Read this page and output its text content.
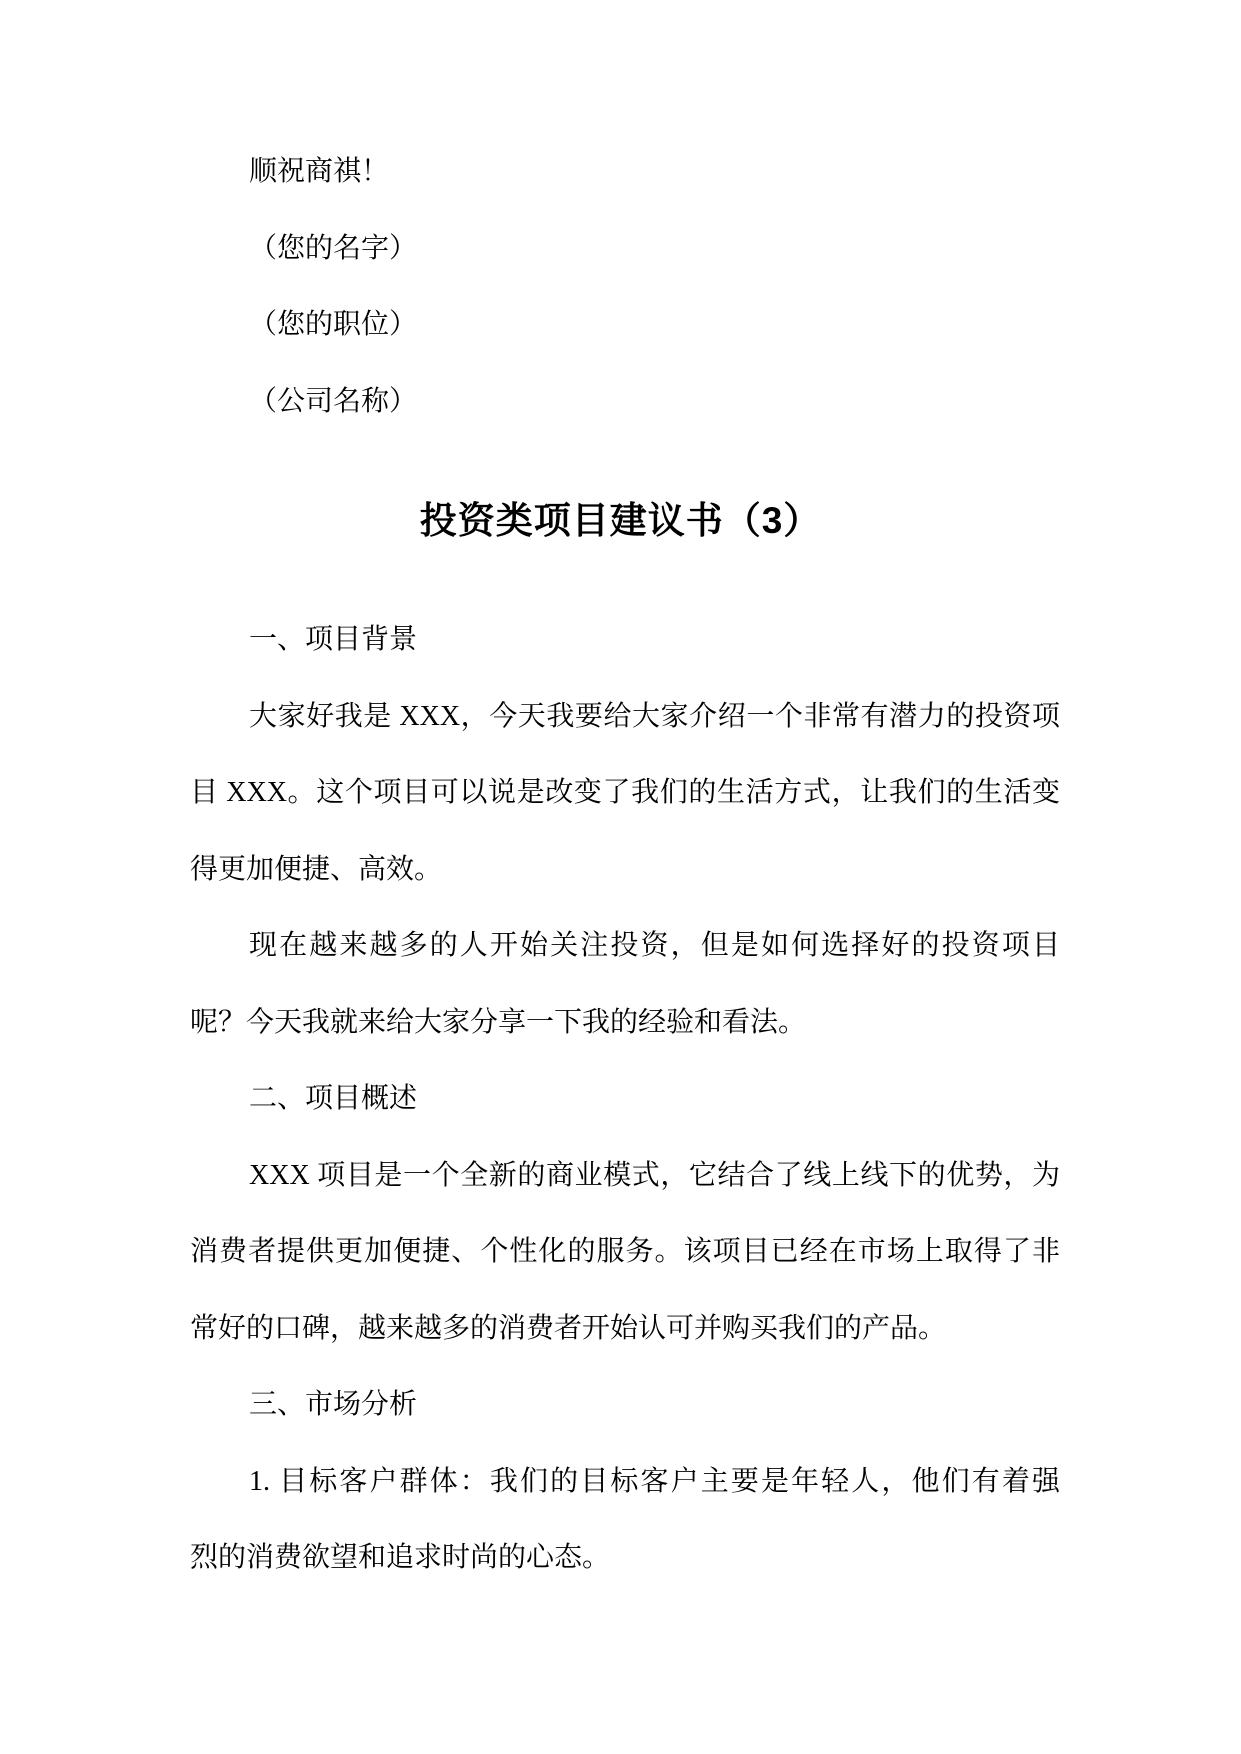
顺祝商祺！
（您的名字）
（您的职位）
（公司名称）
投资类项目建议书（3）
一、项目背景
大家好我是 XXX，今天我要给大家介绍一个非常有潜力的投资项
目 XXX。这个项目可以说是改变了我们的生活方式，让我们的生活变
得更加便捷、高效。
现在越来越多的人开始关注投资，但是如何选择好的投资项目
呢？今天我就来给大家分享一下我的经验和看法。
二、项目概述
XXX 项目是一个全新的商业模式，它结合了线上线下的优势，为
消费者提供更加便捷、个性化的服务。该项目已经在市场上取得了非
常好的口碑，越来越多的消费者开始认可并购买我们的产品。
三、市场分析
1. 目标客户群体：我们的目标客户主要是年轻人，他们有着强
烈的消费欲望和追求时尚的心态。
